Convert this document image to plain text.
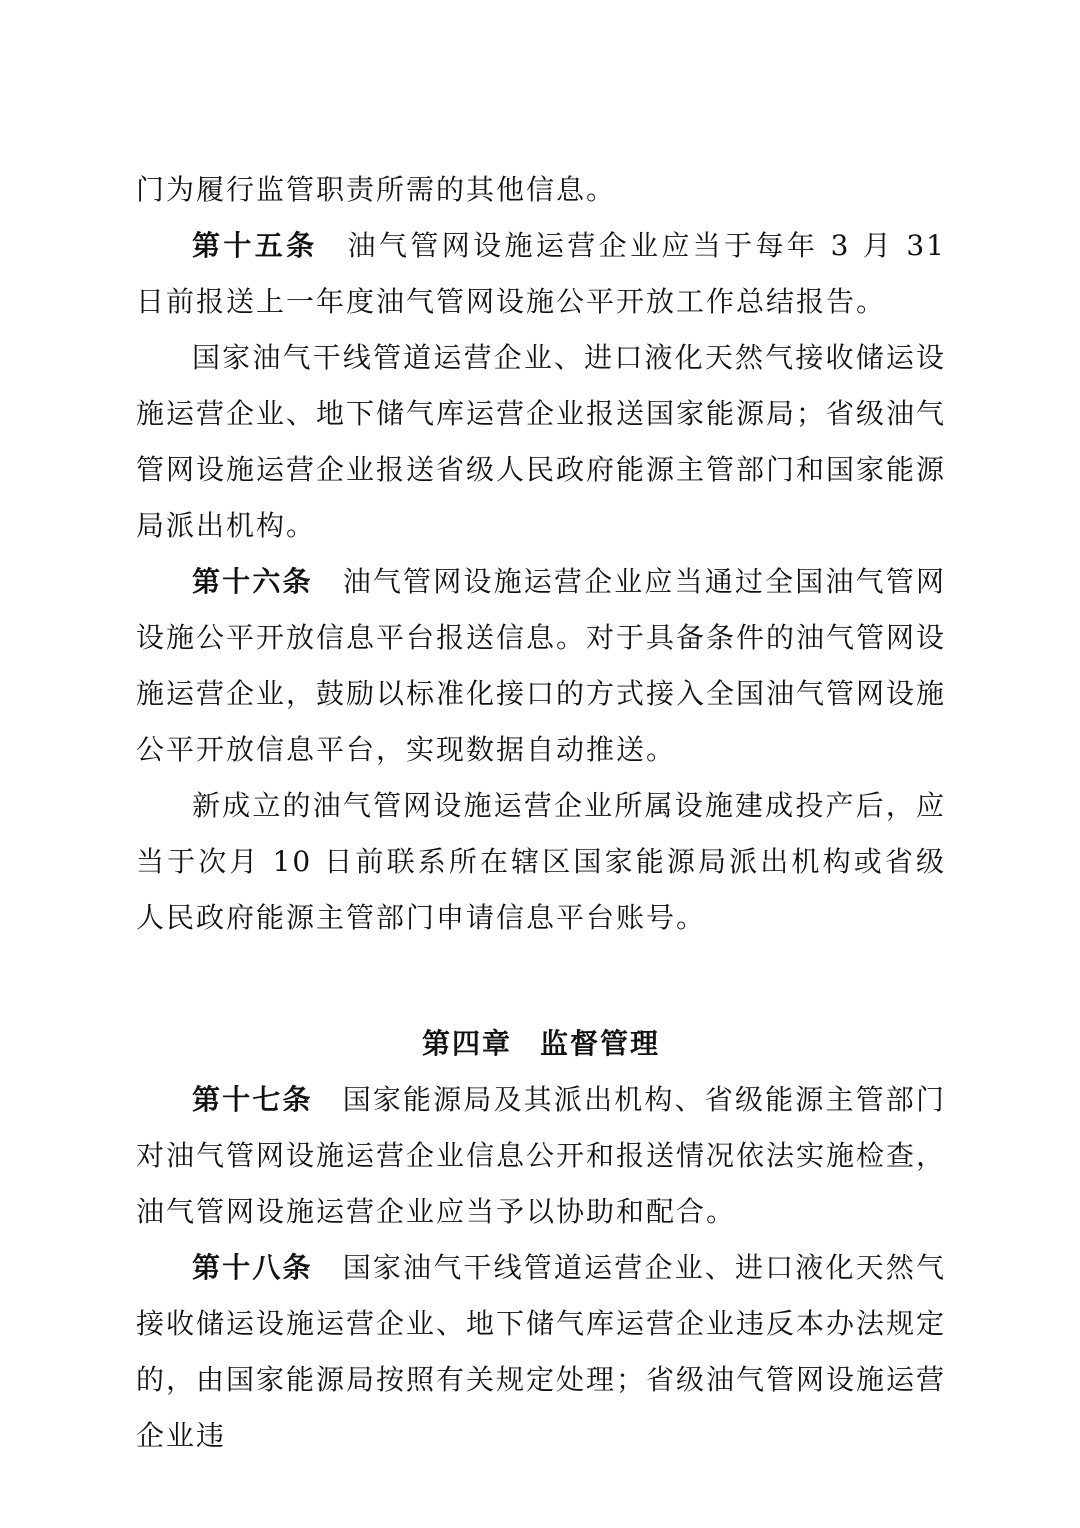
门为履行监管职责所需的其他信息。

第十五条 油气管网设施运营企业应当于每年 3 月 31 日前报送上一年度油气管网设施公平开放工作总结报告。

国家油气干线管道运营企业、进口液化天然气接收储运设施运营企业、地下储气库运营企业报送国家能源局；省级油气管网设施运营企业报送省级人民政府能源主管部门和国家能源局派出机构。

第十六条 油气管网设施运营企业应当通过全国油气管网设施公平开放信息平台报送信息。对于具备条件的油气管网设施运营企业，鼓励以标准化接口的方式接入全国油气管网设施公平开放信息平台，实现数据自动推送。

新成立的油气管网设施运营企业所属设施建成投产后，应当于次月 10 日前联系所在辖区国家能源局派出机构或省级人民政府能源主管部门申请信息平台账号。

第四章 监督管理

第十七条 国家能源局及其派出机构、省级能源主管部门对油气管网设施运营企业信息公开和报送情况依法实施检查，油气管网设施运营企业应当予以协助和配合。

第十八条 国家油气干线管道运营企业、进口液化天然气接收储运设施运营企业、地下储气库运营企业违反本办法规定的，由国家能源局按照有关规定处理；省级油气管网设施运营企业违
